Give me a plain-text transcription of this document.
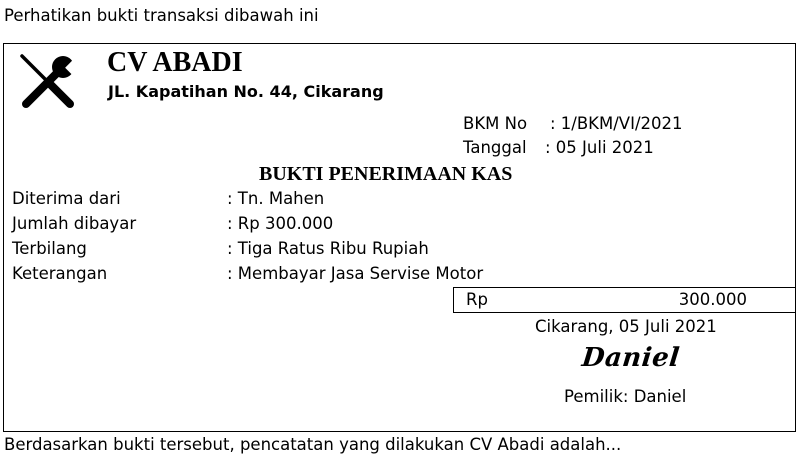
Perhatikan bukti transaksi dibawah ini
CV ABADI
JL. Kapatihan No. 44, Cikarang
BKM No : 1/BKM/VI/2021
Tanggal : 05 Juli 2021
BUKTI PENERIMAAN KAS
Diterima dari	: Tn. Mahen
Jumlah dibayar	: Rp 300.000
Terbilang	: Tiga Ratus Ribu Rupiah
Keterangan	: Membayar Jasa Servise Motor
Rp	300.000
Cikarang, 05 Juli 2021
Daniel
Pemilik: Daniel
Berdasarkan bukti tersebut, pencatatan yang dilakukan CV Abadi adalah...
